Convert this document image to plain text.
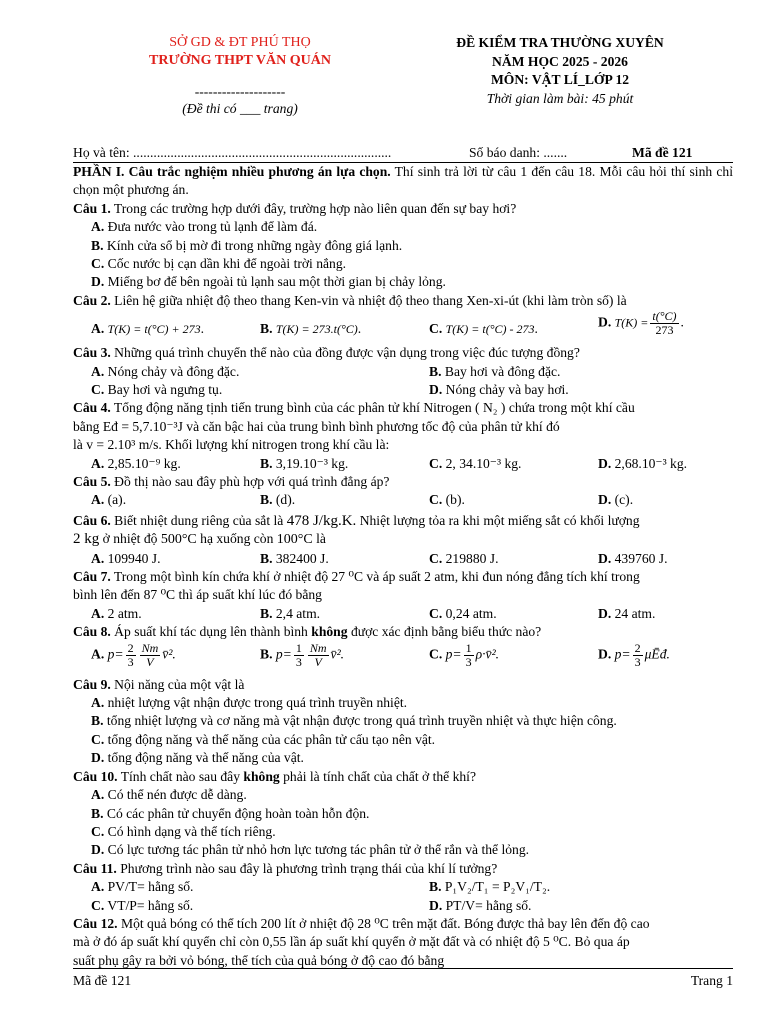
SỞ GD & ĐT PHÚ THỌ
TRƯỜNG THPT VĂN QUÁN
--------------------
(Đề thi có ___ trang)
ĐỀ KIỂM TRA THƯỜNG XUYÊN
NĂM HỌC 2025 - 2026
MÔN: VẬT LÍ_LỚP 12
Thời gian làm bài: 45 phút
Họ và tên: ............................................................................	Số báo danh: .......	Mã đề 121

PHẦN I. Câu trắc nghiệm nhiều phương án lựa chọn. Thí sinh trả lời từ câu 1 đến câu 18. Mỗi câu hỏi thí sinh chỉ chọn một phương án.

Câu 1. Trong các trường hợp dưới đây, trường hợp nào liên quan đến sự bay hơi?

A. Đưa nước vào trong tủ lạnh để làm đá.

B. Kính cửa sổ bị mờ đi trong những ngày đông giá lạnh.

C. Cốc nước bị cạn dần khi để ngoài trời nắng.

D. Miếng bơ để bên ngoài tủ lạnh sau một thời gian bị chảy lỏng.

Câu 2. Liên hệ giữa nhiệt độ theo thang Ken-vin và nhiệt độ theo thang Xen-xi-út (khi làm tròn số) là

A. T(K) = t(°C) + 273.	B. T(K) = 273.t(°C).	C. T(K) = t(°C) - 273.	D. $T(K) = \frac{t(^\circ C)}{273}$ .

Câu 3. Những quá trình chuyển thể nào của đồng được vận dụng trong việc đúc tượng đồng?

A. Nóng chảy và đông đặc.	B. Bay hơi và đông đặc.
C. Bay hơi và ngưng tụ.	D. Nóng chảy và bay hơi.

Câu 4. Tổng động năng tịnh tiến trung bình của các phân tử khí Nitrogen ( N₂ ) chứa trong một khí cầu

bằng Eđ = 5,7.10⁻³J và căn bậc hai của trung bình bình phương tốc độ của phân tử khí đó

là v = 2.10³ m/s. Khối lượng khí nitrogen trong khí cầu là:

A. 2,85.10⁻⁹ kg.	B. 3,19.10⁻³ kg.	C. 2, 34.10⁻³ kg.	D. 2,68.10⁻³ kg.

Câu 5. Đồ thị nào sau đây phù hợp với quá trình đẳng áp?

A. (a).	B. (d).	C. (b).	D. (c).

Câu 6. Biết nhiệt dung riêng của sắt là 478 J/kg.K. Nhiệt lượng tỏa ra khi một miếng sắt có khối lượng

2 kg ở nhiệt độ 500°C hạ xuống còn 100°C là

A. 109940 J.	B. 382400 J.	C. 219880 J.	D. 439760 J.

Câu 7. Trong một bình kín chứa khí ở nhiệt độ 27 ⁰C và áp suất 2 atm, khi đun nóng đẳng tích khí trong

bình lên đến 87 ⁰C thì áp suất khí lúc đó bằng

A. 2 atm.	B. 2,4 atm.	C. 0,24 atm.	D. 24 atm.

Câu 8. Áp suất khí tác dụng lên thành bình không được xác định bằng biểu thức nào?

A. $p= \frac{2}{3} \frac{Nm}{V}$ v̄².	B. $p= \frac{1}{3} \frac{Nm}{V}$ v̄².	C. $p= \frac{1}{3}$ ρ·v̄².	D. $p= \frac{2}{3}$ μĒđ.

Câu 9. Nội năng của một vật là

A. nhiệt lượng vật nhận được trong quá trình truyền nhiệt.

B. tổng nhiệt lượng và cơ năng mà vật nhận được trong quá trình truyền nhiệt và thực hiện công.

C. tổng động năng và thế năng của các phân tử cấu tạo nên vật.

D. tổng động năng và thế năng của vật.

Câu 10. Tính chất nào sau đây không phải là tính chất của chất ở thể khí?

A. Có thể nén được dễ dàng.

B. Có các phân tử chuyển động hoàn toàn hỗn độn.

C. Có hình dạng và thể tích riêng.

D. Có lực tương tác phân tử nhỏ hơn lực tương tác phân tử ở thể rắn và thể lỏng.

Câu 11. Phương trình nào sau đây là phương trình trạng thái của khí lí tưởng?

A. PV/T= hằng số.	B. P₁V₂/T₁ = P₂V₁/T₂.
C. VT/P= hằng số.	D. PT/V= hằng số.

Câu 12. Một quả bóng có thể tích 200 lít ở nhiệt độ 28 ⁰C trên mặt đất. Bóng được thả bay lên đến độ cao

mà ở đó áp suất khí quyển chỉ còn 0,55 lần áp suất khí quyển ở mặt đất và có nhiệt độ 5 ⁰C. Bỏ qua áp

suất phụ gây ra bởi vỏ bóng, thể tích của quả bóng ở độ cao đó bằng

Mã đề 121	Trang 1
